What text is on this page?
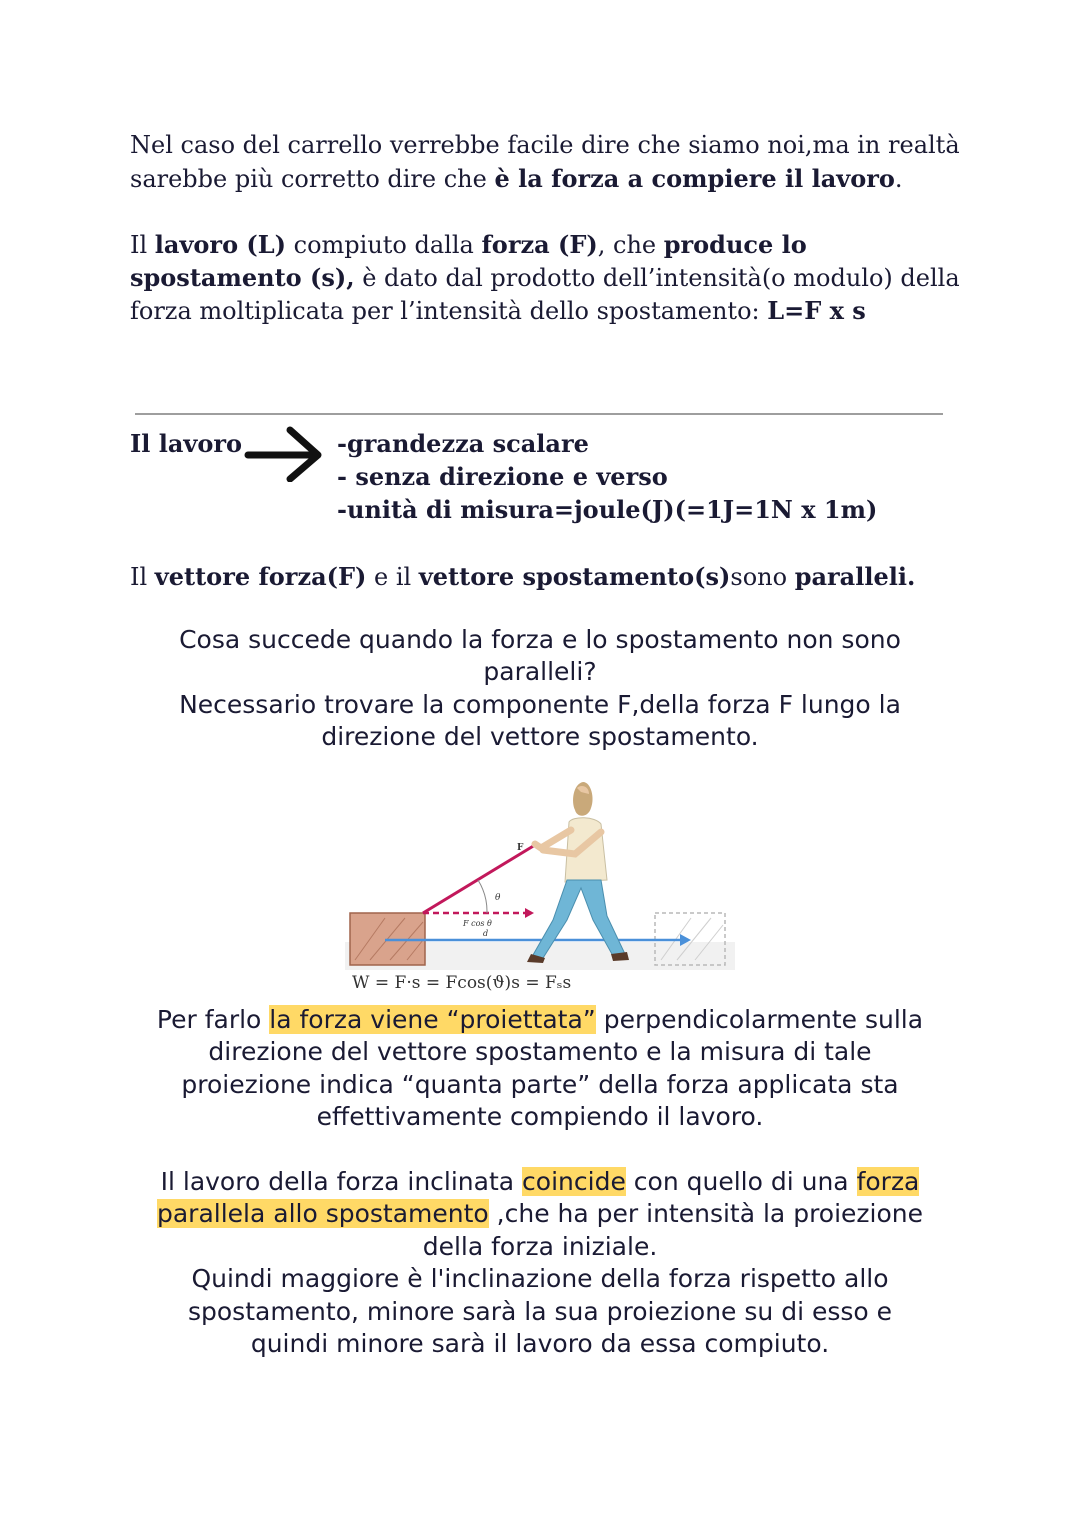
Nel caso del carrello verrebbe facile dire che siamo noi,ma in realtà

sarebbe più corretto dire che è la forza a compiere il lavoro.

Il lavoro (L) compiuto dalla forza (F), che produce lo

spostamento (s), è dato dal prodotto dell’intensità(o modulo) della

forza moltiplicata per l’intensità dello spostamento: L=F x s

Il lavoro	-grandezza scalare

- senza direzione e verso

-unità di misura=joule(J)(=1J=1N x 1m)

Il vettore forza(F) e il vettore spostamento(s)sono paralleli.

Cosa succede quando la forza e lo spostamento non sono

paralleli?

Necessario trovare la componente F,della forza F lungo la

direzione del vettore spostamento.

θ
F
F cos θ
d

W = F·s = Fcos(ϑ)s = Fₛs

Per farlo la forza viene “proiettata” perpendicolarmente sulla

direzione del vettore spostamento e la misura di tale

proiezione indica “quanta parte” della forza applicata sta

effettivamente compiendo il lavoro.

Il lavoro della forza inclinata coincide con quello di una forza

parallela allo spostamento ,che ha per intensità la proiezione

della forza iniziale.

Quindi maggiore è l'inclinazione della forza rispetto allo

spostamento, minore sarà la sua proiezione su di esso e

quindi minore sarà il lavoro da essa compiuto.
